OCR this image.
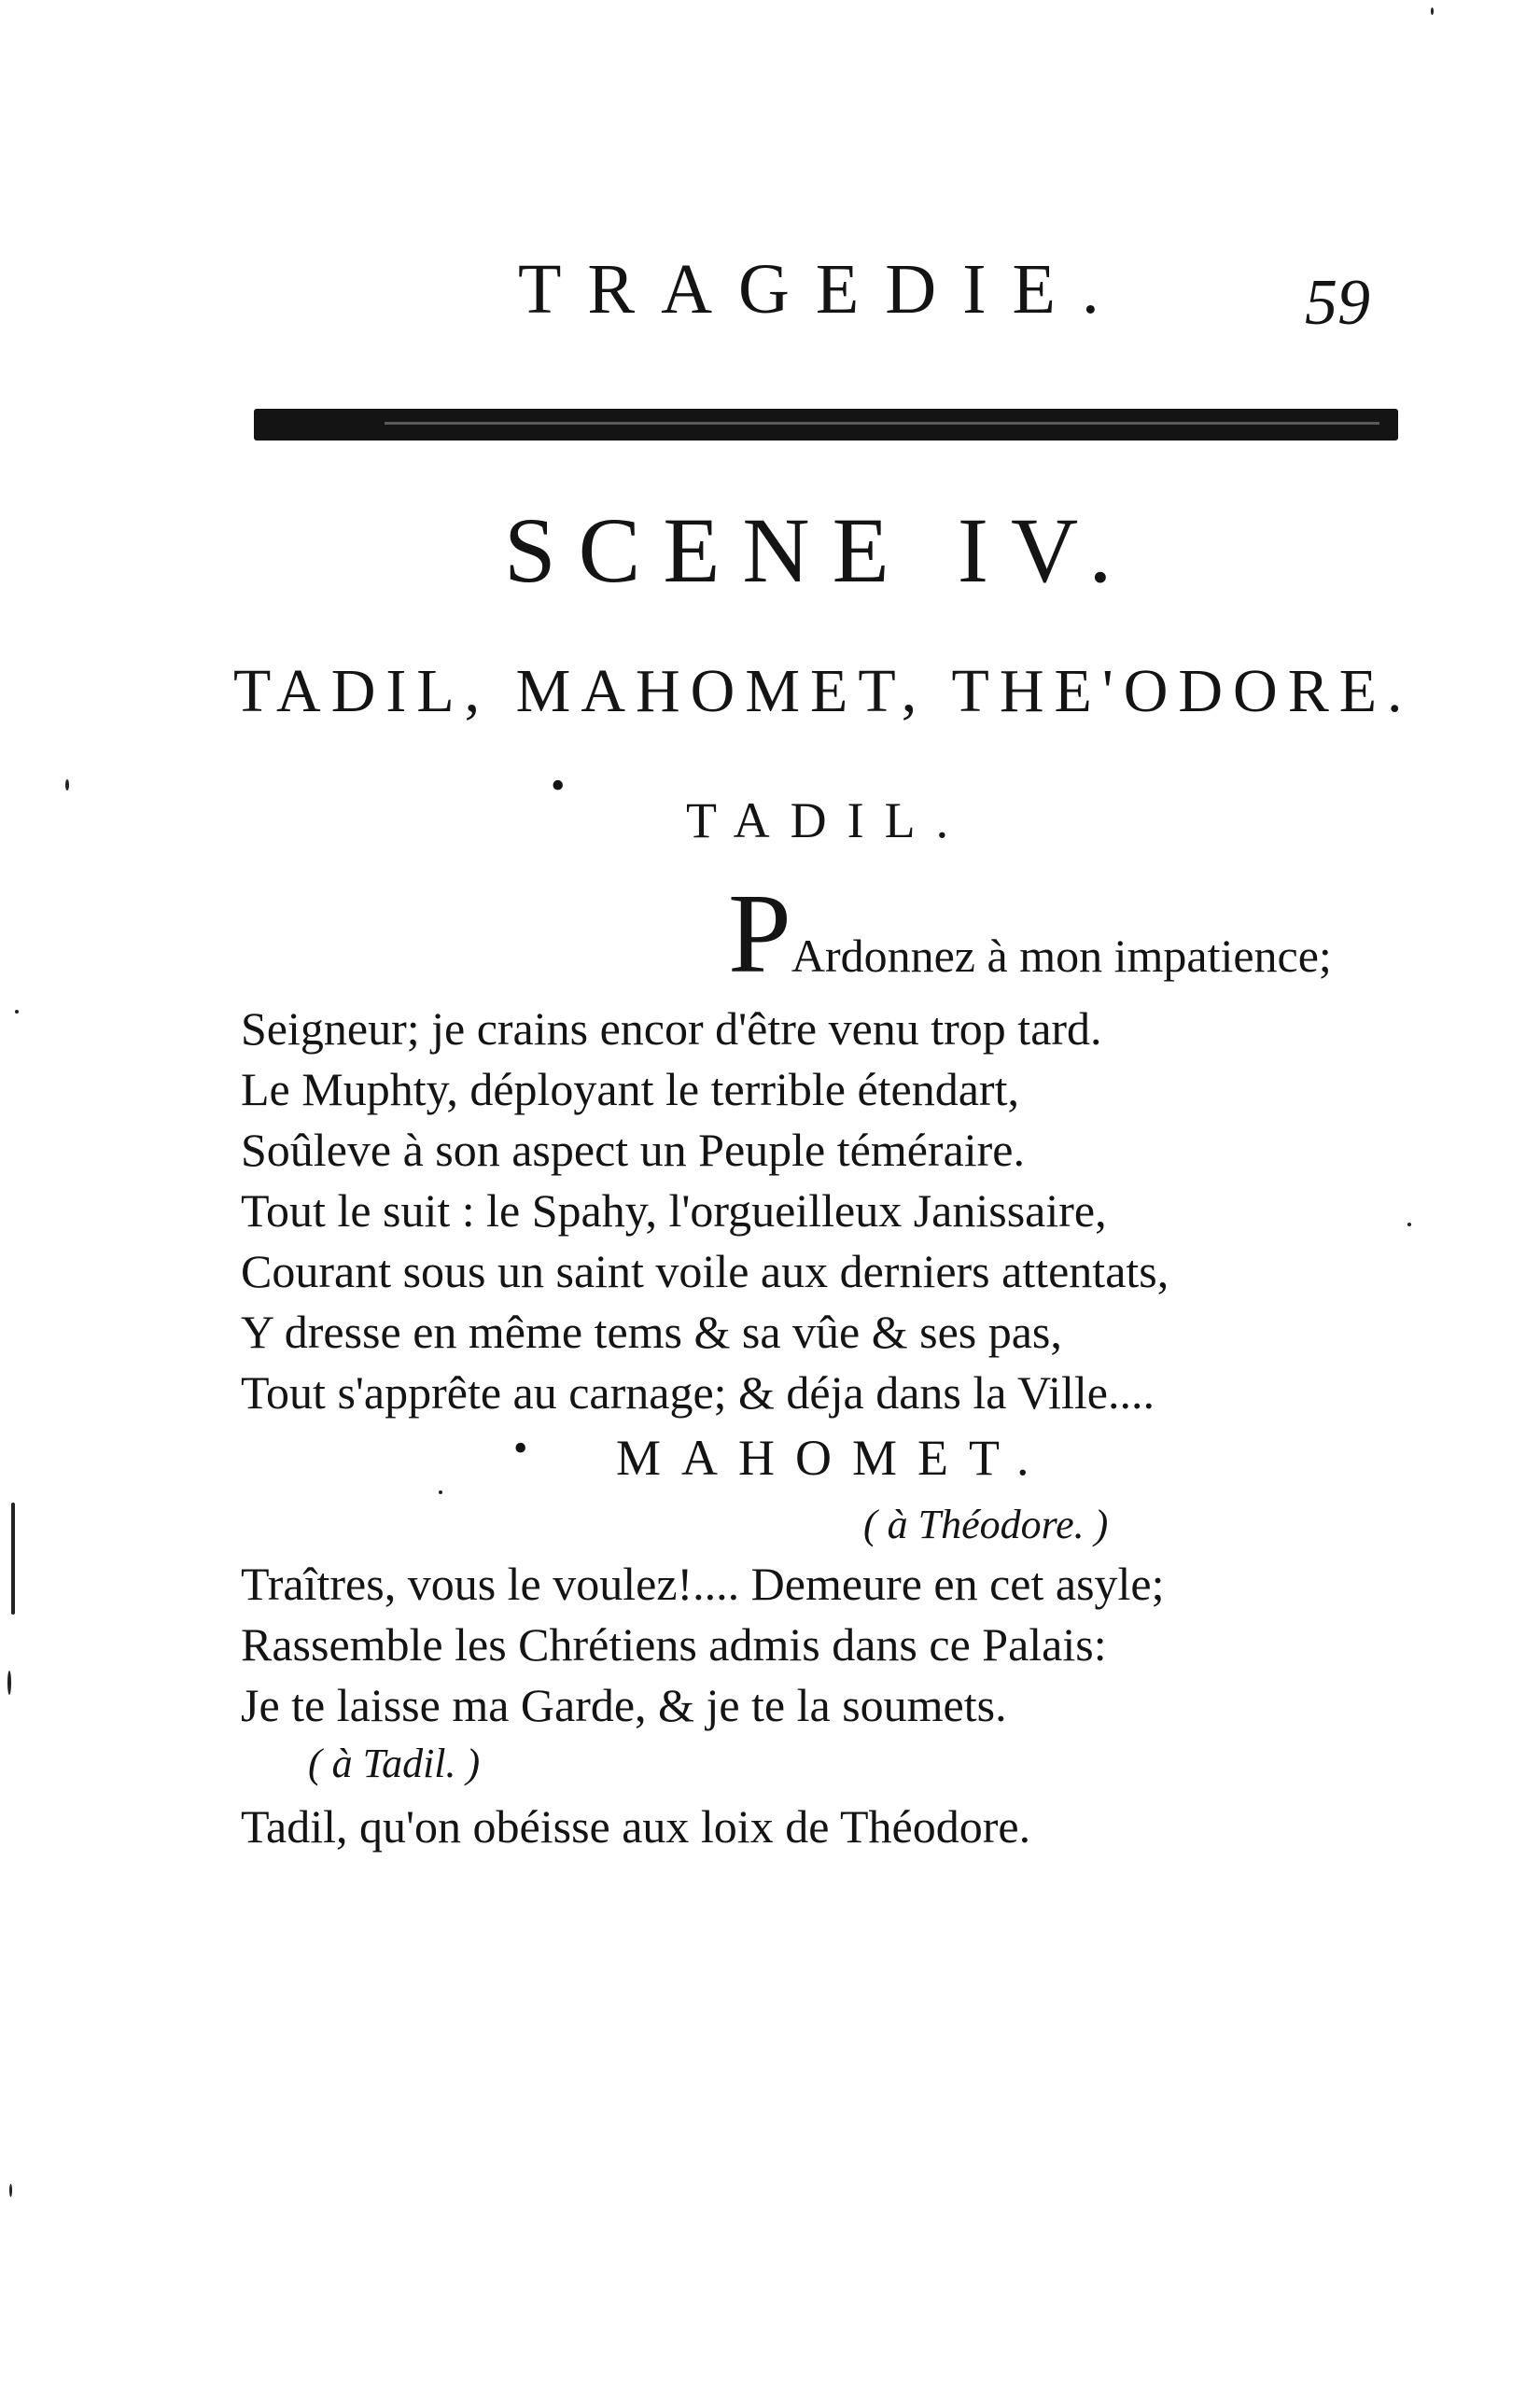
TRAGEDIE.	59
SCENE IV.
TADIL, MAHOMET, THE'ODORE.
•
TADIL.
PArdonnez à mon impatience;
Seigneur; je crains encor d'être venu trop tard.
Le Muphty, déployant le terrible étendart,
Soûleve à son aspect un Peuple téméraire.
Tout le suit : le Spahy, l'orgueilleux Janissaire,
Courant sous un saint voile aux derniers attentats,
Y dresse en même tems & sa vûe & ses pas,
Tout s'apprête au carnage; & déja dans la Ville....
• MAHOMET.
( à Théodore. )
Traîtres, vous le voulez!.... Demeure en cet asyle;
Rassemble les Chrétiens admis dans ce Palais:
Je te laisse ma Garde, & je te la soumets.
( à Tadil. )
Tadil, qu'on obéisse aux loix de Théodore.
